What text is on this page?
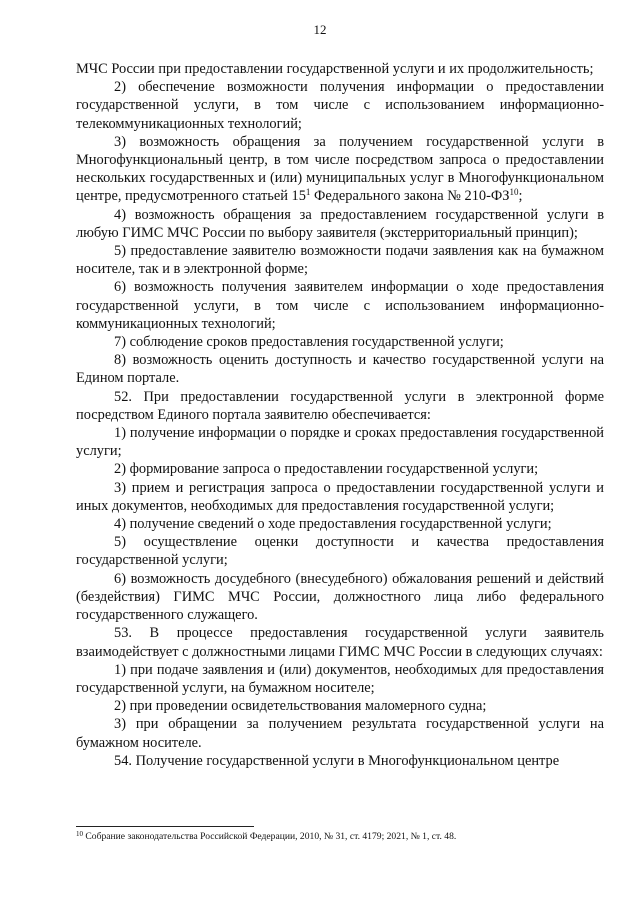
12

МЧС России при предоставлении государственной услуги и их продолжительность;

2) обеспечение возможности получения информации о предоставлении государственной услуги, в том числе с использованием информационно-телекоммуникационных технологий;

3) возможность обращения за получением государственной услуги в Многофункциональный центр, в том числе посредством запроса о предоставлении нескольких государственных и (или) муниципальных услуг в Многофункциональном центре, предусмотренного статьей $15^1$ Федерального закона № 210-ФЗ$^{10}$;

4) возможность обращения за предоставлением государственной услуги в любую ГИМС МЧС России по выбору заявителя (экстерриториальный принцип);

5) предоставление заявителю возможности подачи заявления как на бумажном носителе, так и в электронной форме;

6) возможность получения заявителем информации о ходе предоставления государственной услуги, в том числе с использованием информационно-коммуникационных технологий;

7) соблюдение сроков предоставления государственной услуги;

8) возможность оценить доступность и качество государственной услуги на Едином портале.

52. При предоставлении государственной услуги в электронной форме посредством Единого портала заявителю обеспечивается:

1) получение информации о порядке и сроках предоставления государственной услуги;

2) формирование запроса о предоставлении государственной услуги;

3) прием и регистрация запроса о предоставлении государственной услуги и иных документов, необходимых для предоставления государственной услуги;

4) получение сведений о ходе предоставления государственной услуги;

5) осуществление оценки доступности и качества предоставления государственной услуги;

6) возможность досудебного (внесудебного) обжалования решений и действий (бездействия) ГИМС МЧС России, должностного лица либо федерального государственного служащего.

53. В процессе предоставления государственной услуги заявитель взаимодействует с должностными лицами ГИМС МЧС России в следующих случаях:

1) при подаче заявления и (или) документов, необходимых для предоставления государственной услуги, на бумажном носителе;

2) при проведении освидетельствования маломерного судна;

3) при обращении за получением результата государственной услуги на бумажном носителе.

54. Получение государственной услуги в Многофункциональном центре

$^{10}$ Собрание законодательства Российской Федерации, 2010, № 31, ст. 4179; 2021, № 1, ст. 48.
